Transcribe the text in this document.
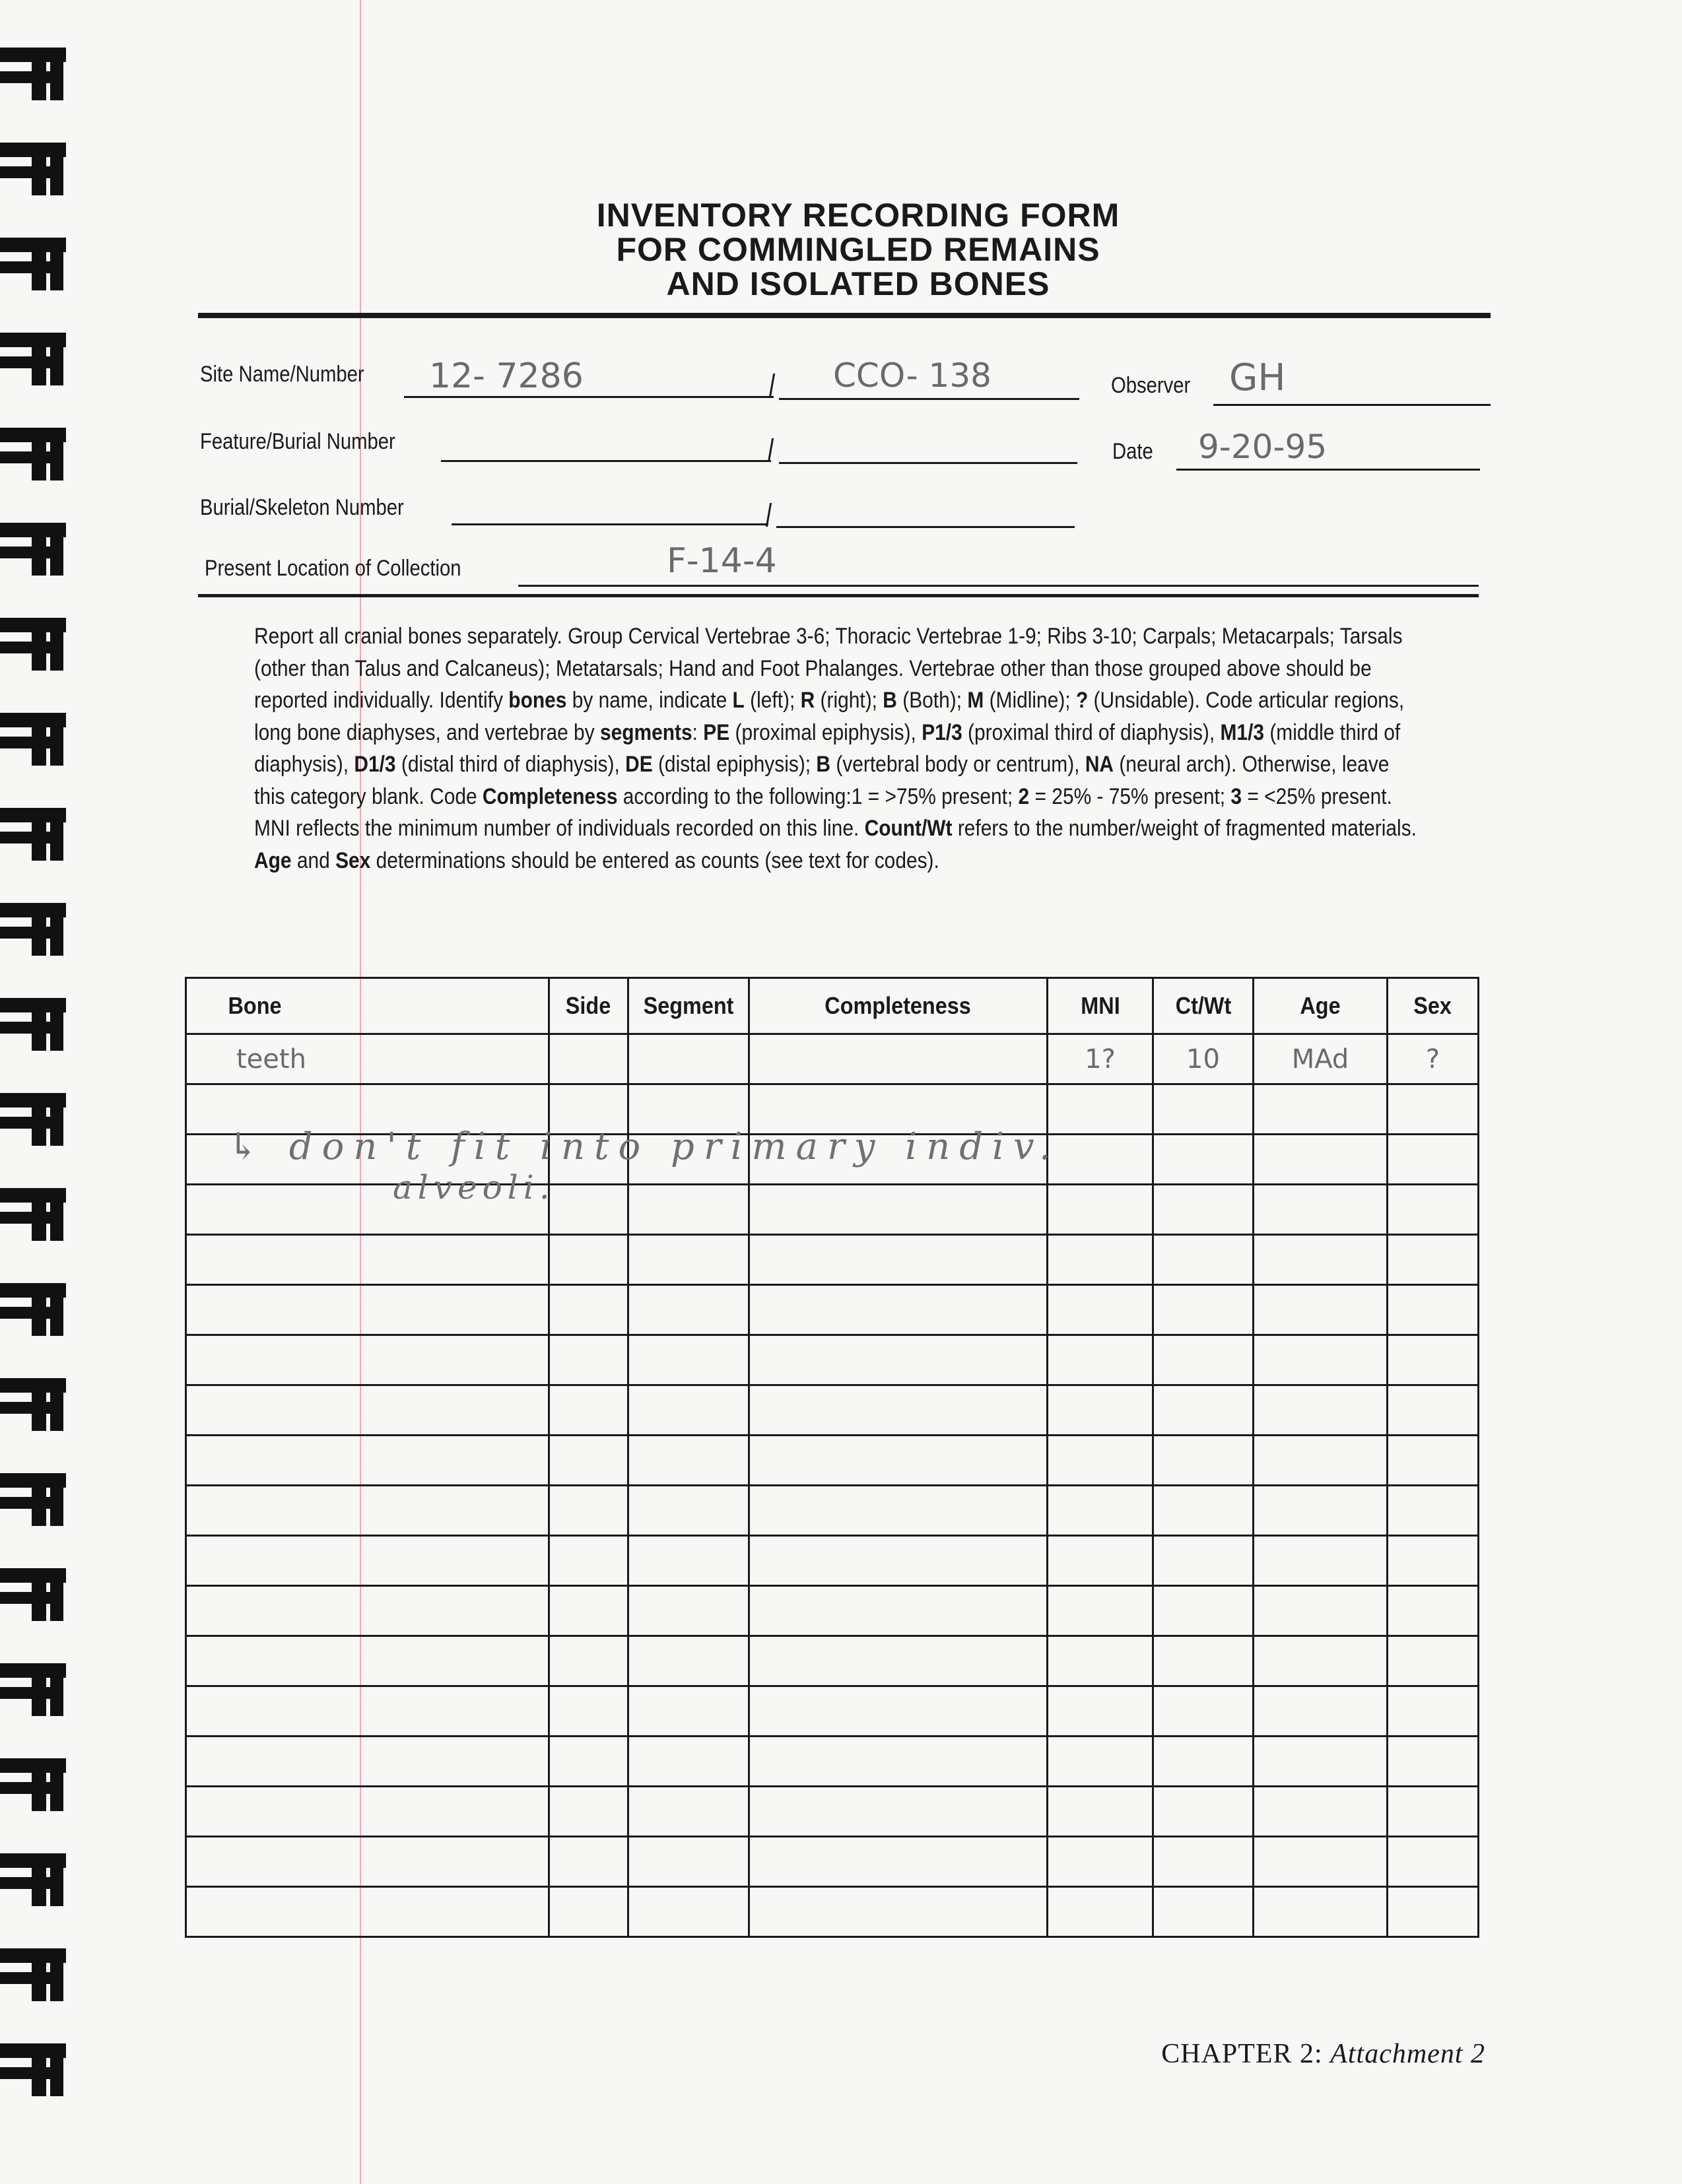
INVENTORY RECORDING FORM
FOR COMMINGLED REMAINS
AND ISOLATED BONES
Site Name/Number 12- 7286	CCO- 138	Observer GH
Feature/Burial Number	Date 9-20-95
Burial/Skeleton Number
Present Location of Collection	F-14-4
Report all cranial bones separately. Group Cervical Vertebrae 3-6; Thoracic Vertebrae 1-9; Ribs 3-10; Carpals; Metacarpals; Tarsals (other than Talus and Calcaneus); Metatarsals; Hand and Foot Phalanges. Vertebrae other than those grouped above should be reported individually. Identify bones by name, indicate L (left); R (right); B (Both); M (Midline); ? (Unsidable). Code articular regions, long bone diaphyses, and vertebrae by segments: PE (proximal epiphysis), P1/3 (proximal third of diaphysis), M1/3 (middle third of diaphysis), D1/3 (distal third of diaphysis), DE (distal epiphysis); B (vertebral body or centrum), NA (neural arch). Otherwise, leave this category blank. Code Completeness according to the following:1 = >75% present; 2 = 25% - 75% present; 3 = <25% present. MNI reflects the minimum number of individuals recorded on this line. Count/Wt refers to the number/weight of fragmented materials. Age and Sex determinations should be entered as counts (see text for codes).
Bone	Side	Segment	Completeness	MNI	Ct/Wt	Age	Sex
teeth				1?	10	MAd	?

↳ don't fit into primary indiv.
alveoli.
CHAPTER 2: Attachment 2
